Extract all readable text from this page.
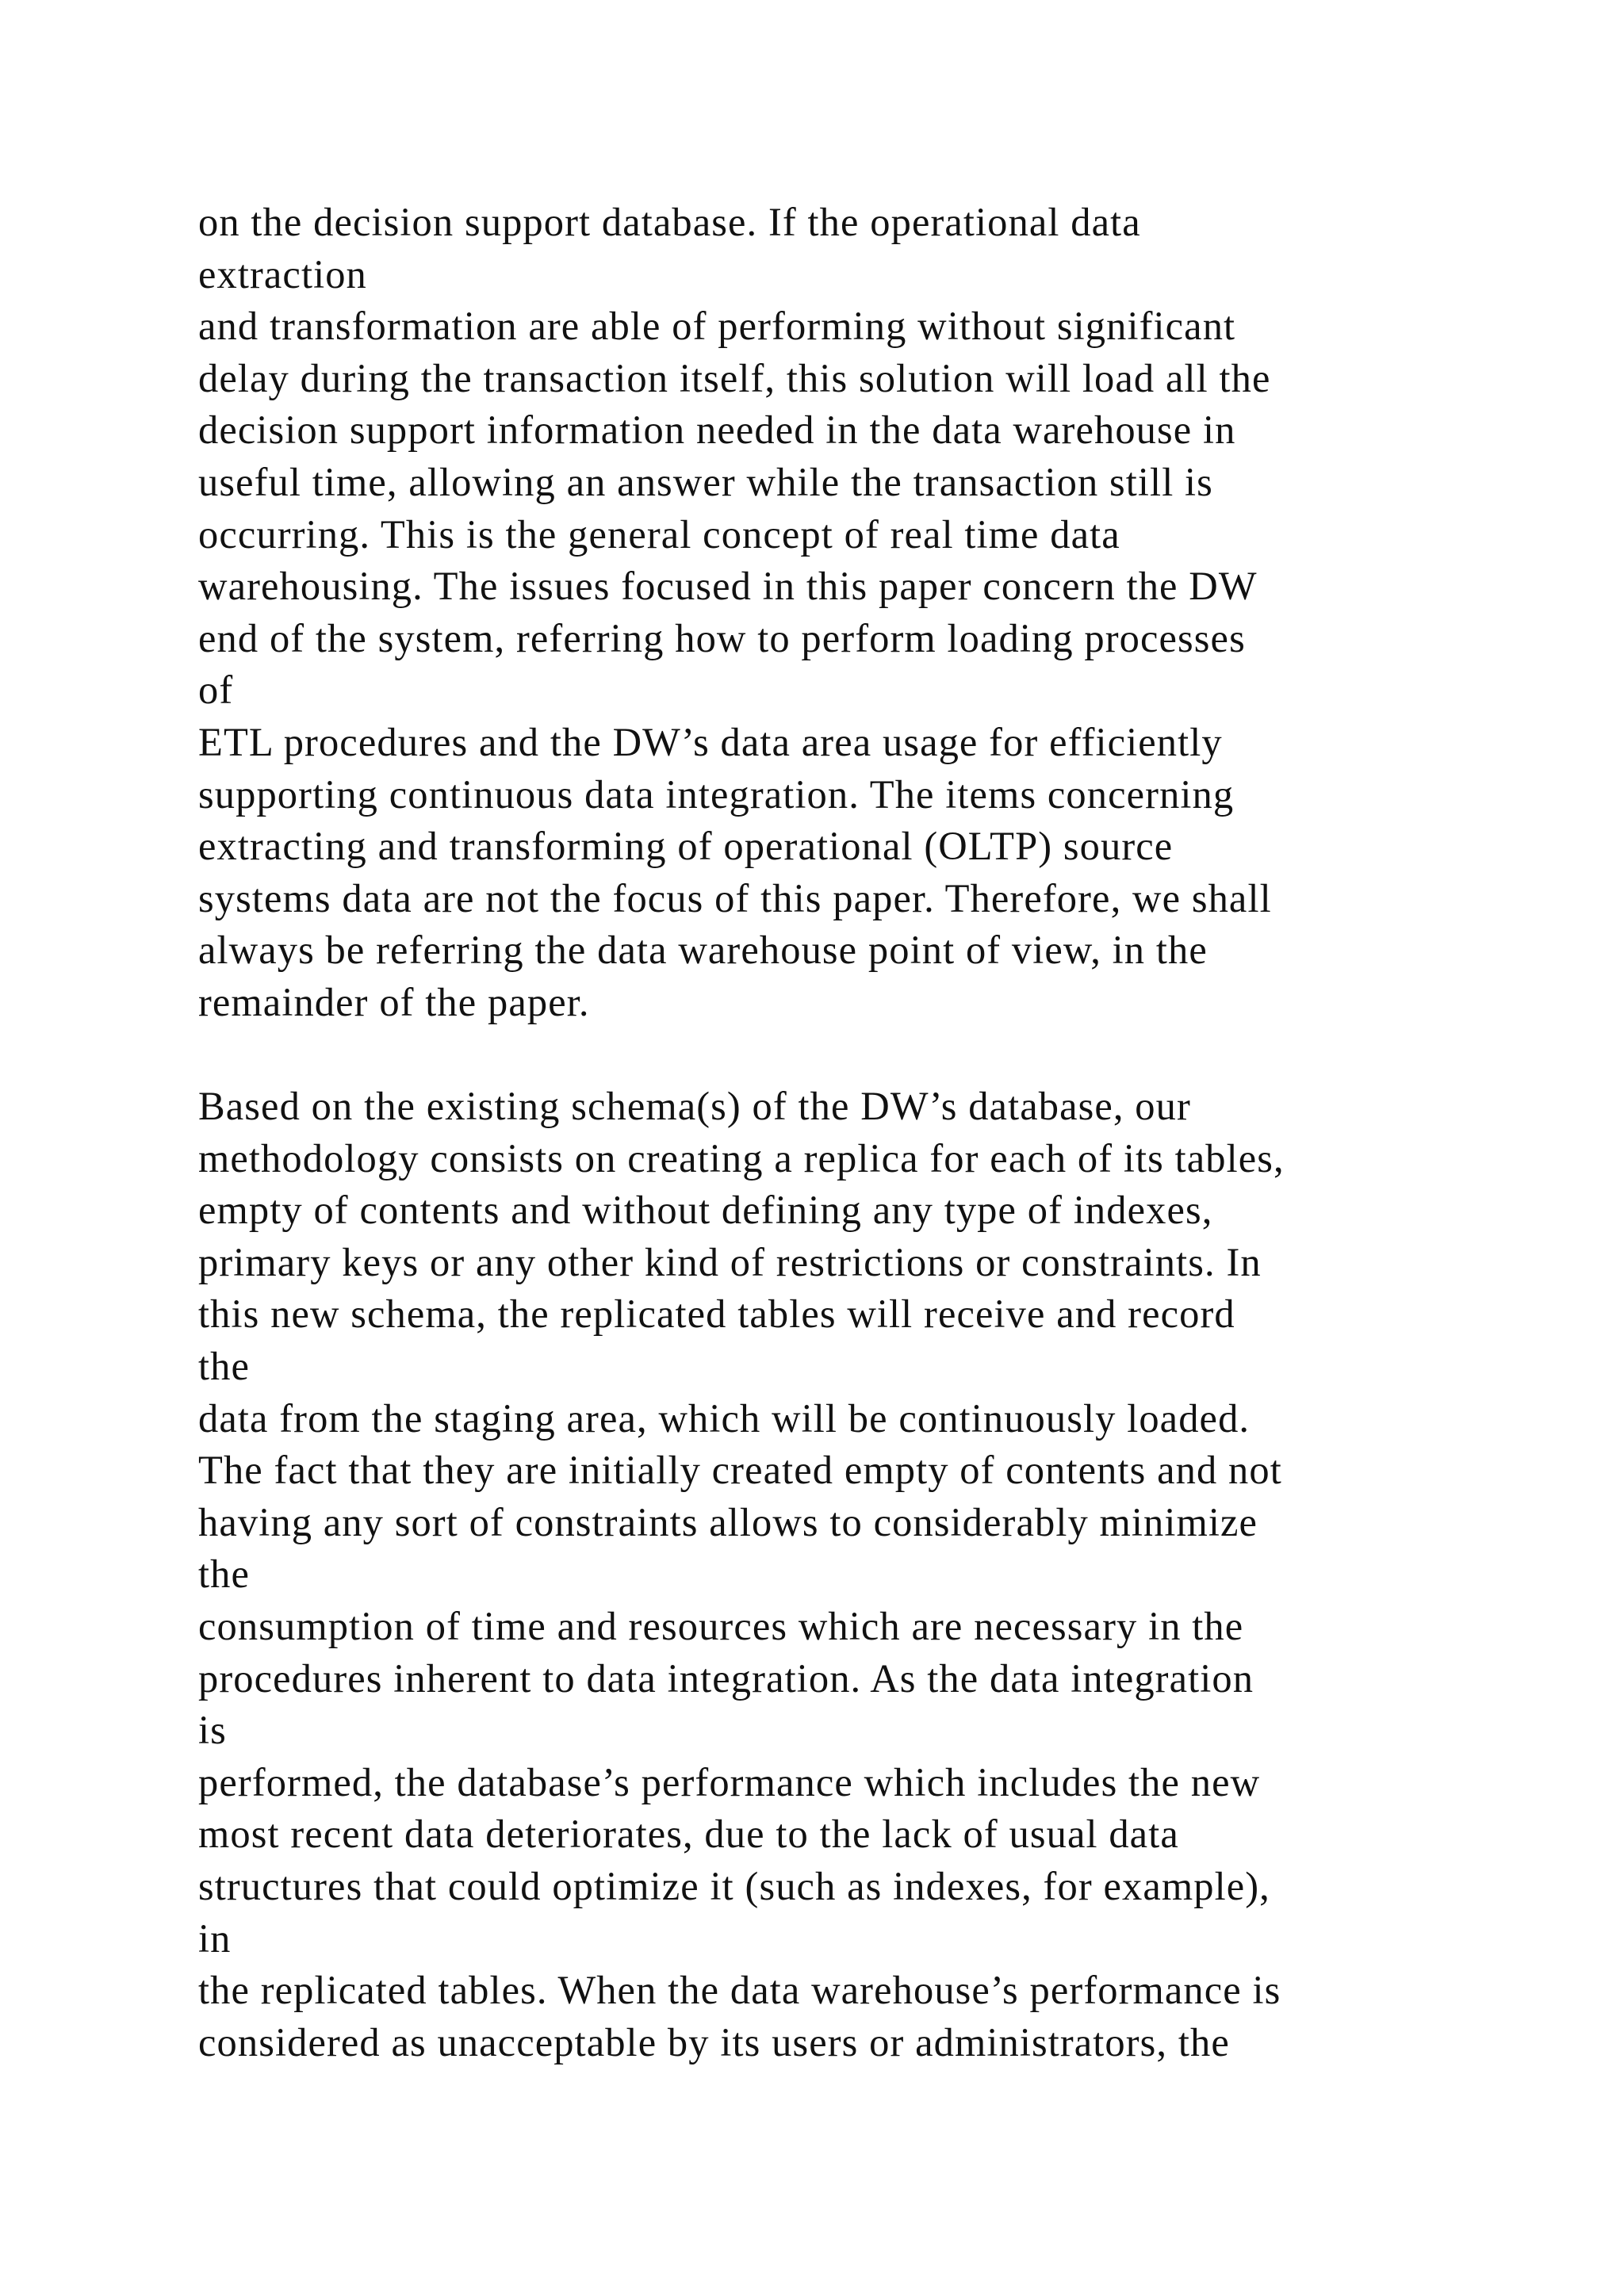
on the decision support database. If the operational data
extraction
and transformation are able of performing without significant
delay during the transaction itself, this solution will load all the
decision support information needed in the data warehouse in
useful time, allowing an answer while the transaction still is
occurring. This is the general concept of real time data
warehousing. The issues focused in this paper concern the DW
end of the system, referring how to perform loading processes
of
ETL procedures and the DW’s data area usage for efficiently
supporting continuous data integration. The items concerning
extracting and transforming of operational (OLTP) source
systems data are not the focus of this paper. Therefore, we shall
always be referring the data warehouse point of view, in the
remainder of the paper.
Based on the existing schema(s) of the DW’s database, our
methodology consists on creating a replica for each of its tables,
empty of contents and without defining any type of indexes,
primary keys or any other kind of restrictions or constraints. In
this new schema, the replicated tables will receive and record
the
data from the staging area, which will be continuously loaded.
The fact that they are initially created empty of contents and not
having any sort of constraints allows to considerably minimize
the
consumption of time and resources which are necessary in the
procedures inherent to data integration. As the data integration
is
performed, the database’s performance which includes the new
most recent data deteriorates, due to the lack of usual data
structures that could optimize it (such as indexes, for example),
in
the replicated tables. When the data warehouse’s performance is
considered as unacceptable by its users or administrators, the
